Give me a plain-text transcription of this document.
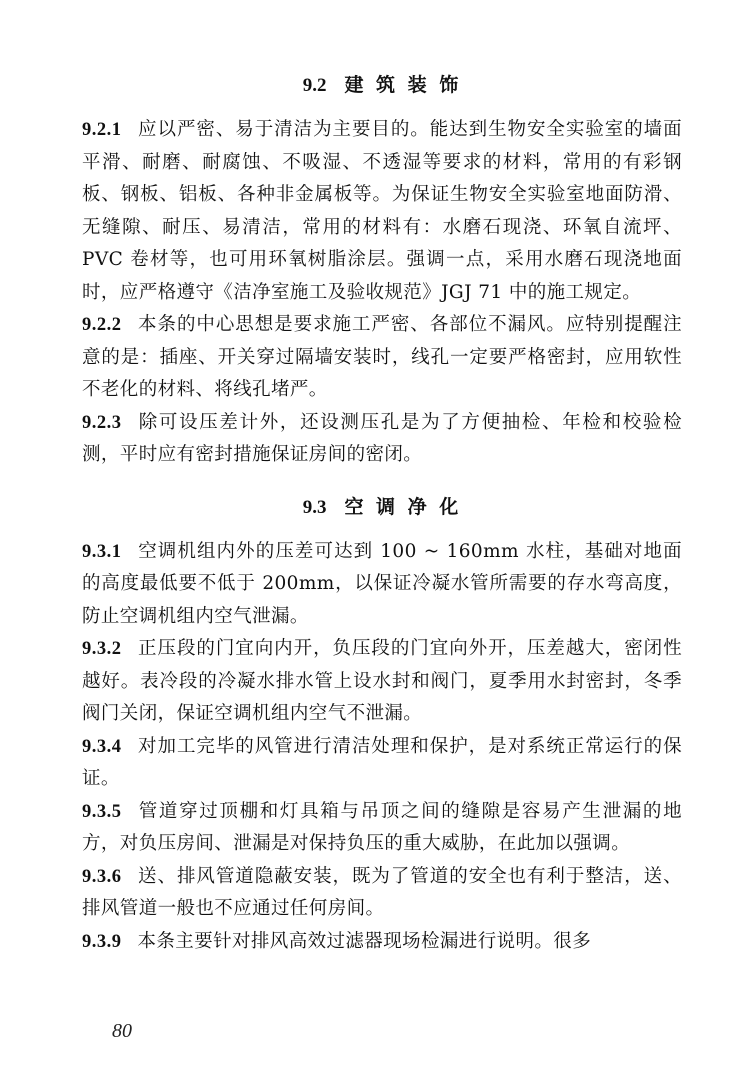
9.2 建 筑 装 饰

9.2.1 应以严密、易于清洁为主要目的。能达到生物安全实验室的墙面平滑、耐磨、耐腐蚀、不吸湿、不透湿等要求的材料，常用的有彩钢板、钢板、铝板、各种非金属板等。为保证生物安全实验室地面防滑、无缝隙、耐压、易清洁，常用的材料有：水磨石现浇、环氧自流坪、PVC 卷材等，也可用环氧树脂涂层。强调一点，采用水磨石现浇地面时，应严格遵守《洁净室施工及验收规范》JGJ 71 中的施工规定。

9.2.2 本条的中心思想是要求施工严密、各部位不漏风。应特别提醒注意的是：插座、开关穿过隔墙安装时，线孔一定要严格密封，应用软性不老化的材料、将线孔堵严。

9.2.3 除可设压差计外，还设测压孔是为了方便抽检、年检和校验检测，平时应有密封措施保证房间的密闭。

9.3 空 调 净 化

9.3.1 空调机组内外的压差可达到 100 ~ 160mm 水柱，基础对地面的高度最低要不低于 200mm，以保证冷凝水管所需要的存水弯高度，防止空调机组内空气泄漏。

9.3.2 正压段的门宜向内开，负压段的门宜向外开，压差越大，密闭性越好。表冷段的冷凝水排水管上设水封和阀门，夏季用水封密封，冬季阀门关闭，保证空调机组内空气不泄漏。

9.3.4 对加工完毕的风管进行清洁处理和保护，是对系统正常运行的保证。

9.3.5 管道穿过顶棚和灯具箱与吊顶之间的缝隙是容易产生泄漏的地方，对负压房间、泄漏是对保持负压的重大威胁，在此加以强调。

9.3.6 送、排风管道隐蔽安装，既为了管道的安全也有利于整洁，送、排风管道一般也不应通过任何房间。

9.3.9 本条主要针对排风高效过滤器现场检漏进行说明。很多

80
